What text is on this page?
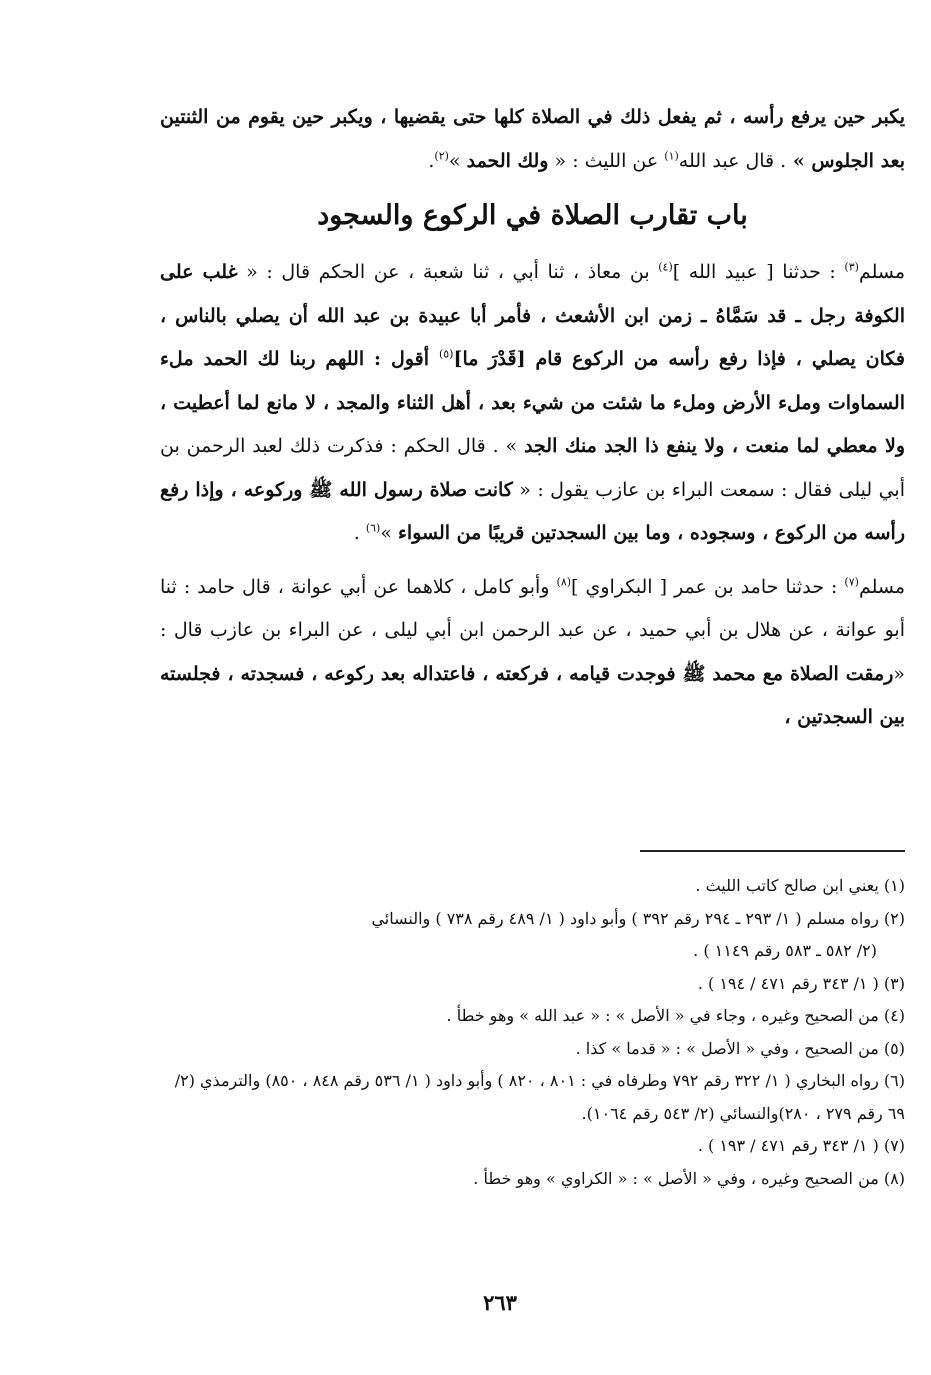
يكبر حين يرفع رأسه ، ثم يفعل ذلك في الصلاة كلها حتى يقضيها ، ويكبر حين يقوم من الثنتين بعد الجلوس » . قال عبد الله$^{(١)}$ عن الليث : « ولك الحمد »$^{(٢)}$.

باب تقارب الصلاة في الركوع والسجود

مسلم$^{(٣)}$ : حدثنا [ عبيد الله ]$^{(٤)}$ بن معاذ ، ثنا أبي ، ثنا شعبة ، عن الحكم قال : « غلب على الكوفة رجل ـ قد سَمَّاهُ ـ زمن ابن الأشعث ، فأمر أبا عبيدة بن عبد الله أن يصلي بالناس ، فكان يصلي ، فإذا رفع رأسه من الركوع قام [قَدْرَ ما]$^{(٥)}$ أقول : اللهم ربنا لك الحمد ملء السماوات وملء الأرض وملء ما شئت من شيء بعد ، أهل الثناء والمجد ، لا مانع لما أعطيت ، ولا معطي لما منعت ، ولا ينفع ذا الجد منك الجد » . قال الحكم : فذكرت ذلك لعبد الرحمن بن أبي ليلى فقال : سمعت البراء بن عازب يقول : « كانت صلاة رسول الله ﷺ وركوعه ، وإذا رفع رأسه من الركوع ، وسجوده ، وما بين السجدتين قريبًا من السواء »$^{(٦)}$ .

مسلم$^{(٧)}$ : حدثنا حامد بن عمر [ البكراوي ]$^{(٨)}$ وأبو كامل ، كلاهما عن أبي عوانة ، قال حامد : ثنا أبو عوانة ، عن هلال بن أبي حميد ، عن عبد الرحمن ابن أبي ليلى ، عن البراء بن عازب قال : «رمقت الصلاة مع محمد ﷺ فوجدت قيامه ، فركعته ، فاعتداله بعد ركوعه ، فسجدته ، فجلسته بين السجدتين ،

(١) يعني ابن صالح كاتب الليث .

(٢) رواه مسلم ( ١/ ٢٩٣ ـ ٢٩٤ رقم ٣٩٢ ) وأبو داود ( ١/ ٤٨٩ رقم ٧٣٨ ) والنسائي

(٢/ ٥٨٢ ـ ٥٨٣ رقم ١١٤٩ ) .

(٣) ( ١/ ٣٤٣ رقم ٤٧١ / ١٩٤ ) .

(٤) من الصحيح وغيره ، وجاء في « الأصل » : « عبد الله » وهو خطأ .

(٥) من الصحيح ، وفي « الأصل » : « قدما » كذا .

(٦) رواه البخاري ( ١/ ٣٢٢ رقم ٧٩٢ وطرفاه في : ٨٠١ ، ٨٢٠ ) وأبو داود ( ١/ ٥٣٦ رقم ٨٤٨ ، ٨٥٠) والترمذي (٢/ ٦٩ رقم ٢٧٩ ، ٢٨٠)والنسائي (٢/ ٥٤٣ رقم ١٠٦٤).

(٧) ( ١/ ٣٤٣ رقم ٤٧١ / ١٩٣ ) .

(٨) من الصحيح وغيره ، وفي « الأصل » : « الكراوي » وهو خطأ .

٢٦٣
